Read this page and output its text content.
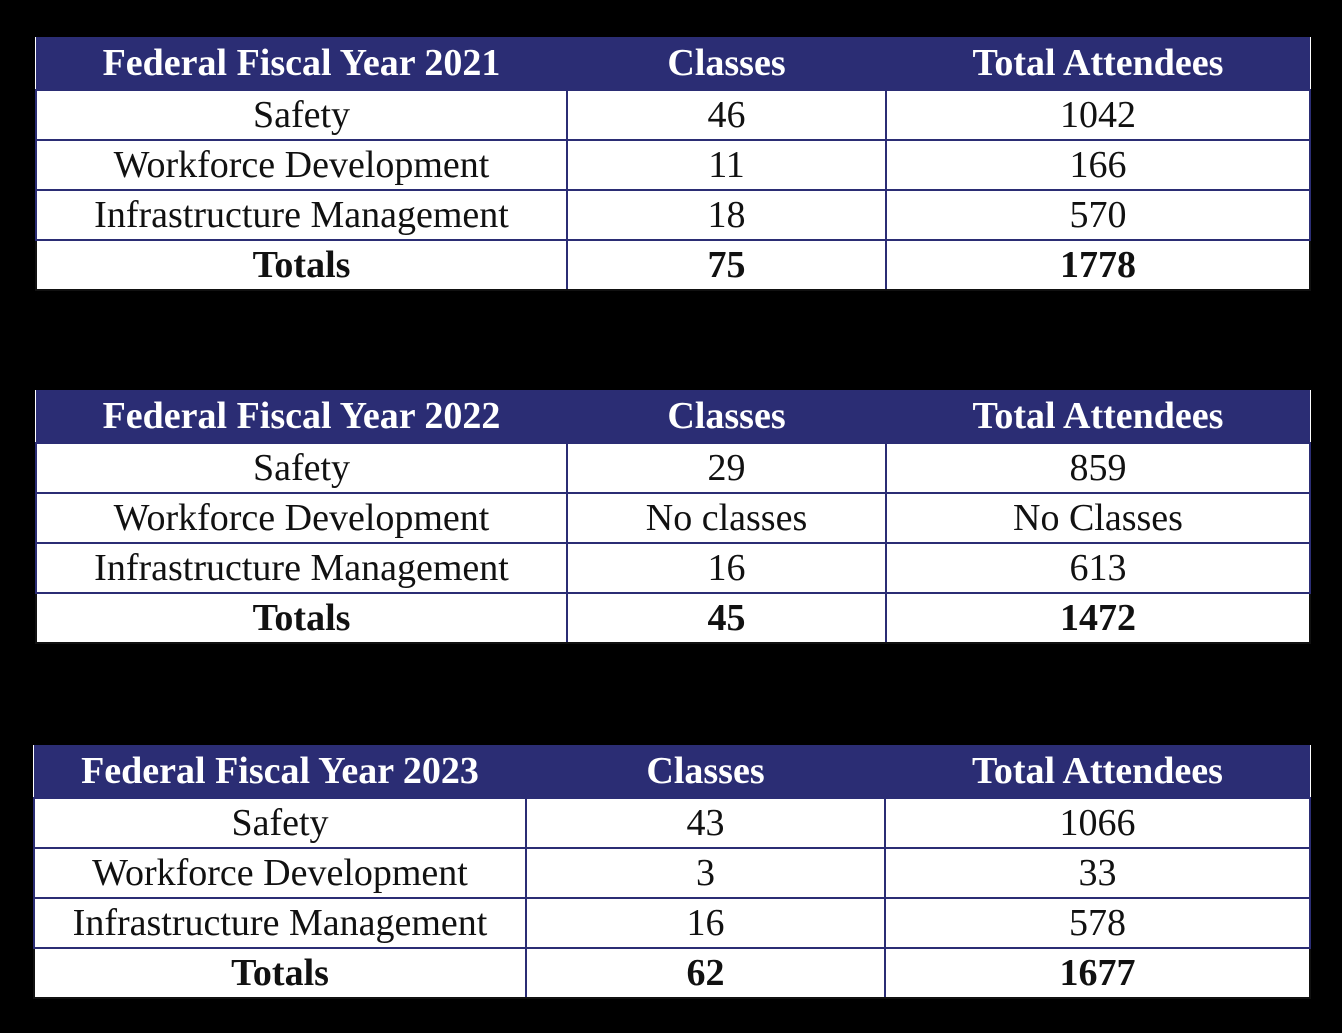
Federal Fiscal Year 2021	Classes	Total Attendees
Safety	46	1042
Workforce Development	11	166
Infrastructure Management	18	570
Totals	75	1778
Federal Fiscal Year 2022	Classes	Total Attendees
Safety	29	859
Workforce Development	No classes	No Classes
Infrastructure Management	16	613
Totals	45	1472
Federal Fiscal Year 2023	Classes	Total Attendees
Safety	43	1066
Workforce Development	3	33
Infrastructure Management	16	578
Totals	62	1677
